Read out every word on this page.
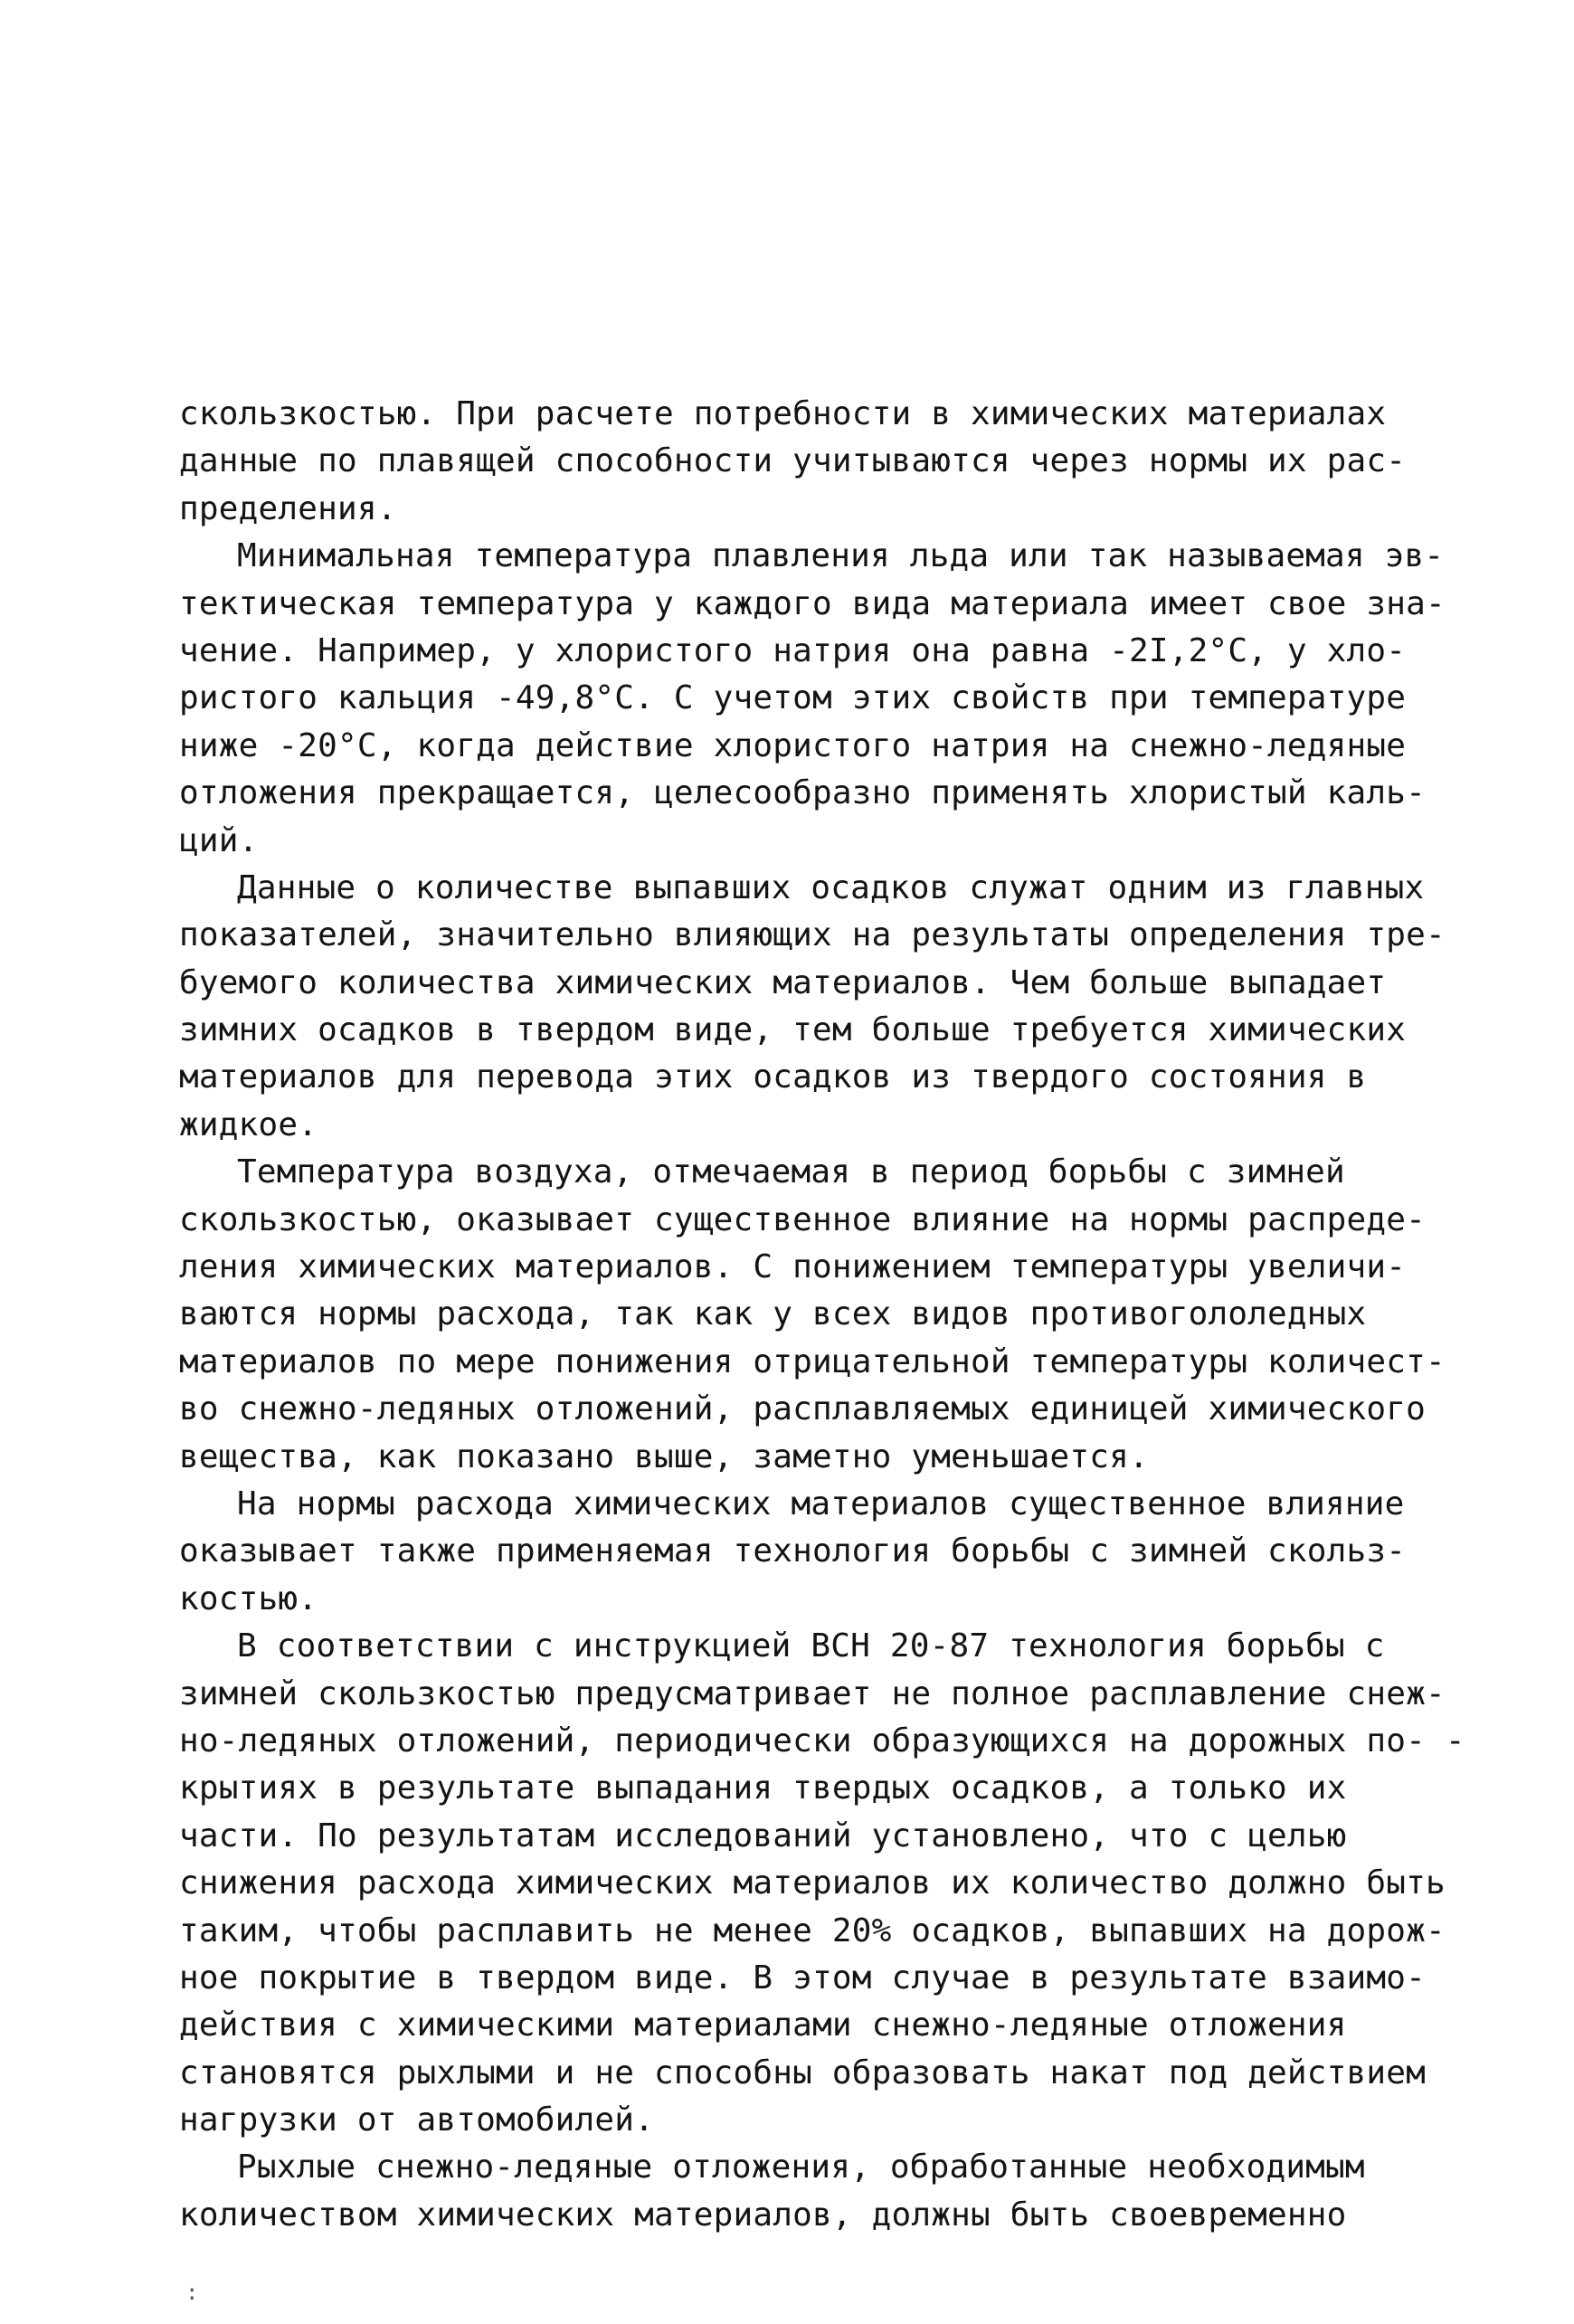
скользкостью. При расчете потребности в химических материалах
данные по плавящей способности учитываются через нормы их рас-
пределения.
Минимальная температура плавления льда или так называемая эв-
тектическая температура у каждого вида материала имеет свое зна-
чение. Например, у хлористого натрия она равна -2I,2°С, у хло-
ристого кальция -49,8°С. С учетом этих свойств при температуре
ниже -20°С, когда действие хлористого натрия на снежно-ледяные
отложения прекращается, целесообразно применять хлористый каль-
ций.
Данные о количестве выпавших осадков служат одним из главных
показателей, значительно влияющих на результаты определения тре-
буемого количества химических материалов. Чем больше выпадает
зимних осадков в твердом виде, тем больше требуется химических
материалов для перевода этих осадков из твердого состояния в
жидкое.
Температура воздуха, отмечаемая в период борьбы с зимней
скользкостью, оказывает существенное влияние на нормы распреде-
ления химических материалов. С понижением температуры увеличи-
ваются нормы расхода, так как у всех видов противогололедных
материалов по мере понижения отрицательной температуры количест-
во снежно-ледяных отложений, расплавляемых единицей химического
вещества, как показано выше, заметно уменьшается.
На нормы расхода химических материалов существенное влияние
оказывает также применяемая технология борьбы с зимней скольз-
костью.
В соответствии с инструкцией ВСН 20-87 технология борьбы с
зимней скользкостью предусматривает не полное расплавление снеж-
но-ледяных отложений, периодически образующихся на дорожных по- -
крытиях в результате выпадания твердых осадков, а только их
части. По результатам исследований установлено, что с целью
снижения расхода химических материалов их количество должно быть
таким, чтобы расплавить не менее 20% осадков, выпавших на дорож-
ное покрытие в твердом виде. В этом случае в результате взаимо-
действия с химическими материалами снежно-ледяные отложения
становятся рыхлыми и не способны образовать накат под действием
нагрузки от автомобилей.
Рыхлые снежно-ледяные отложения, обработанные необходимым
количеством химических материалов, должны быть своевременно
:
